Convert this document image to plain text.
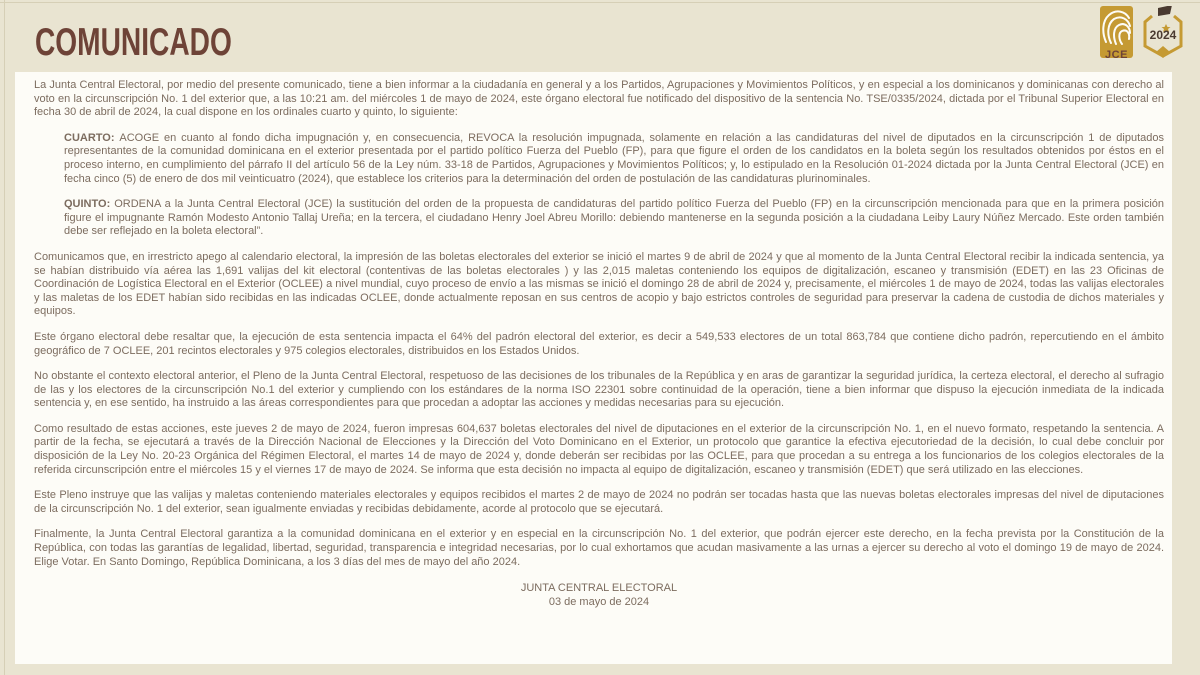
COMUNICADO	JCE
2024

La Junta Central Electoral, por medio del presente comunicado, tiene a bien informar a la ciudadanía en general y a los Partidos, Agrupaciones y Movimientos Políticos, y en especial a los dominicanos y dominicanas con derecho al voto en la circunscripción No. 1 del exterior que, a las 10:21 am. del miércoles 1 de mayo de 2024, este órgano electoral fue notificado del dispositivo de la sentencia No. TSE/0335/2024, dictada por el Tribunal Superior Electoral en fecha 30 de abril de 2024, la cual dispone en los ordinales cuarto y quinto, lo siguiente:

CUARTO: ACOGE en cuanto al fondo dicha impugnación y, en consecuencia, REVOCA la resolución impugnada, solamente en relación a las candidaturas del nivel de diputados en la circunscripción 1 de diputados representantes de la comunidad dominicana en el exterior presentada por el partido político Fuerza del Pueblo (FP), para que figure el orden de los candidatos en la boleta según los resultados obtenidos por éstos en el proceso interno, en cumplimiento del párrafo II del artículo 56 de la Ley núm. 33-18 de Partidos, Agrupaciones y Movimientos Políticos; y, lo estipulado en la Resolución 01-2024 dictada por la Junta Central Electoral (JCE) en fecha cinco (5) de enero de dos mil veinticuatro (2024), que establece los criterios para la determinación del orden de postulación de las candidaturas plurinominales.

QUINTO: ORDENA a la Junta Central Electoral (JCE) la sustitución del orden de la propuesta de candidaturas del partido político Fuerza del Pueblo (FP) en la circunscripción mencionada para que en la primera posición figure el impugnante Ramón Modesto Antonio Tallaj Ureña; en la tercera, el ciudadano Henry Joel Abreu Morillo: debiendo mantenerse en la segunda posición a la ciudadana Leiby Laury Núñez Mercado. Este orden también debe ser reflejado en la boleta electoral”.

Comunicamos que, en irrestricto apego al calendario electoral, la impresión de las boletas electorales del exterior se inició el martes 9 de abril de 2024 y que al momento de la Junta Central Electoral recibir la indicada sentencia, ya se habían distribuido vía aérea las 1,691 valijas del kit electoral (contentivas de las boletas electorales ) y las 2,015 maletas conteniendo los equipos de digitalización, escaneo y transmisión (EDET) en las 23 Oficinas de Coordinación de Logística Electoral en el Exterior (OCLEE) a nivel mundial, cuyo proceso de envío a las mismas se inició el domingo 28 de abril de 2024 y, precisamente, el miércoles 1 de mayo de 2024, todas las valijas electorales y las maletas de los EDET habían sido recibidas en las indicadas OCLEE, donde actualmente reposan en sus centros de acopio y bajo estrictos controles de seguridad para preservar la cadena de custodia de dichos materiales y equipos.

Este órgano electoral debe resaltar que, la ejecución de esta sentencia impacta el 64% del padrón electoral del exterior, es decir a 549,533 electores de un total 863,784 que contiene dicho padrón, repercutiendo en el ámbito geográfico de 7 OCLEE, 201 recintos electorales y 975 colegios electorales, distribuidos en los Estados Unidos.

No obstante el contexto electoral anterior, el Pleno de la Junta Central Electoral, respetuoso de las decisiones de los tribunales de la República y en aras de garantizar la seguridad jurídica, la certeza electoral, el derecho al sufragio de las y los electores de la circunscripción No.1 del exterior y cumpliendo con los estándares de la norma ISO 22301 sobre continuidad de la operación, tiene a bien informar que dispuso la ejecución inmediata de la indicada sentencia y, en ese sentido, ha instruido a las áreas correspondientes para que procedan a adoptar las acciones y medidas necesarias para su ejecución.

Como resultado de estas acciones, este jueves 2 de mayo de 2024, fueron impresas 604,637 boletas electorales del nivel de diputaciones en el exterior de la circunscripción No. 1, en el nuevo formato, respetando la sentencia. A partir de la fecha, se ejecutará a través de la Dirección Nacional de Elecciones y la Dirección del Voto Dominicano en el Exterior, un protocolo que garantice la efectiva ejecutoriedad de la decisión, lo cual debe concluir por disposición de la Ley No. 20-23 Orgánica del Régimen Electoral, el martes 14 de mayo de 2024 y, donde deberán ser recibidas por las OCLEE, para que procedan a su entrega a los funcionarios de los colegios electorales de la referida circunscripción entre el miércoles 15 y el viernes 17 de mayo de 2024. Se informa que esta decisión no impacta al equipo de digitalización, escaneo y transmisión (EDET) que será utilizado en las elecciones.

Este Pleno instruye que las valijas y maletas conteniendo materiales electorales y equipos recibidos el martes 2 de mayo de 2024 no podrán ser tocadas hasta que las nuevas boletas electorales impresas del nivel de diputaciones de la circunscripción No. 1 del exterior, sean igualmente enviadas y recibidas debidamente, acorde al protocolo que se ejecutará.

Finalmente, la Junta Central Electoral garantiza a la comunidad dominicana en el exterior y en especial en la circunscripción No. 1 del exterior, que podrán ejercer este derecho, en la fecha prevista por la Constitución de la República, con todas las garantías de legalidad, libertad, seguridad, transparencia e integridad necesarias, por lo cual exhortamos que acudan masivamente a las urnas a ejercer su derecho al voto el domingo 19 de mayo de 2024. Elige Votar. En Santo Domingo, República Dominicana, a los 3 días del mes de mayo del año 2024.

JUNTA CENTRAL ELECTORAL
03 de mayo de 2024
